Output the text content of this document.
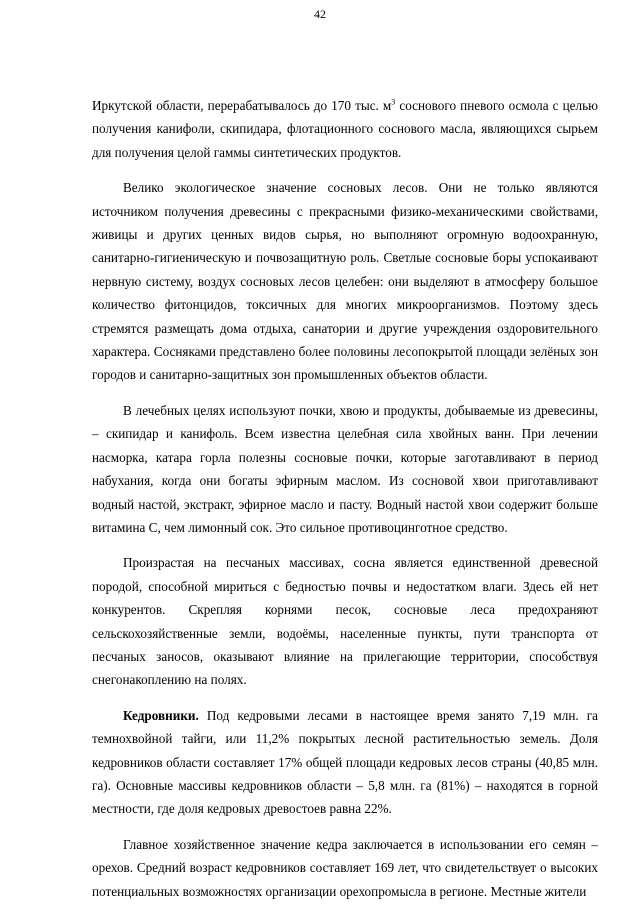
42

Иркутской области, перерабатывалось до 170 тыс. $м^3$ соснового пневого осмола с целью получения канифоли, скипидара, флотационного соснового масла, являющихся сырьем для получения целой гаммы синтетических продуктов.

Велико экологическое значение сосновых лесов. Они не только являются источником получения древесины с прекрасными физико-механическими свойствами, живицы и других ценных видов сырья, но выполняют огромную водоохранную, санитарно-гигиеническую и почвозащитную роль. Светлые сосновые боры успокаивают нервную систему, воздух сосновых лесов целебен: они выделяют в атмосферу большое количество фитонцидов, токсичных для многих микроорганизмов. Поэтому здесь стремятся размещать дома отдыха, санатории и другие учреждения оздоровительного характера. Сосняками представлено более половины лесопокрытой площади зелёных зон городов и санитарно-защитных зон промышленных объектов области.

В лечебных целях используют почки, хвою и продукты, добываемые из древесины, – скипидар и канифоль. Всем известна целебная сила хвойных ванн. При лечении насморка, катара горла полезны сосновые почки, которые заготавливают в период набухания, когда они богаты эфирным маслом. Из сосновой хвои приготавливают водный настой, экстракт, эфирное масло и пасту. Водный настой хвои содержит больше витамина С, чем лимонный сок. Это сильное противоцинготное средство.

Произрастая на песчаных массивах, сосна является единственной древесной породой, способной мириться с бедностью почвы и недостатком влаги. Здесь ей нет конкурентов. Скрепляя корнями песок, сосновые леса предохраняют сельскохозяйственные земли, водоёмы, населенные пункты, пути транспорта от песчаных заносов, оказывают влияние на прилегающие территории, способствуя снегонакоплению на полях.

Кедровники. Под кедровыми лесами в настоящее время занято 7,19 млн. га темнохвойной тайги, или 11,2% покрытых лесной растительностью земель. Доля кедровников области составляет 17% общей площади кедровых лесов страны (40,85 млн. га). Основные массивы кедровников области – 5,8 млн. га (81%) – находятся в горной местности, где доля кедровых древостоев равна 22%.

Главное хозяйственное значение кедра заключается в использовании его семян – орехов. Средний возраст кедровников составляет 169 лет, что свидетельствует о высоких потенциальных возможностях организации орехопромысла в регионе. Местные жители
